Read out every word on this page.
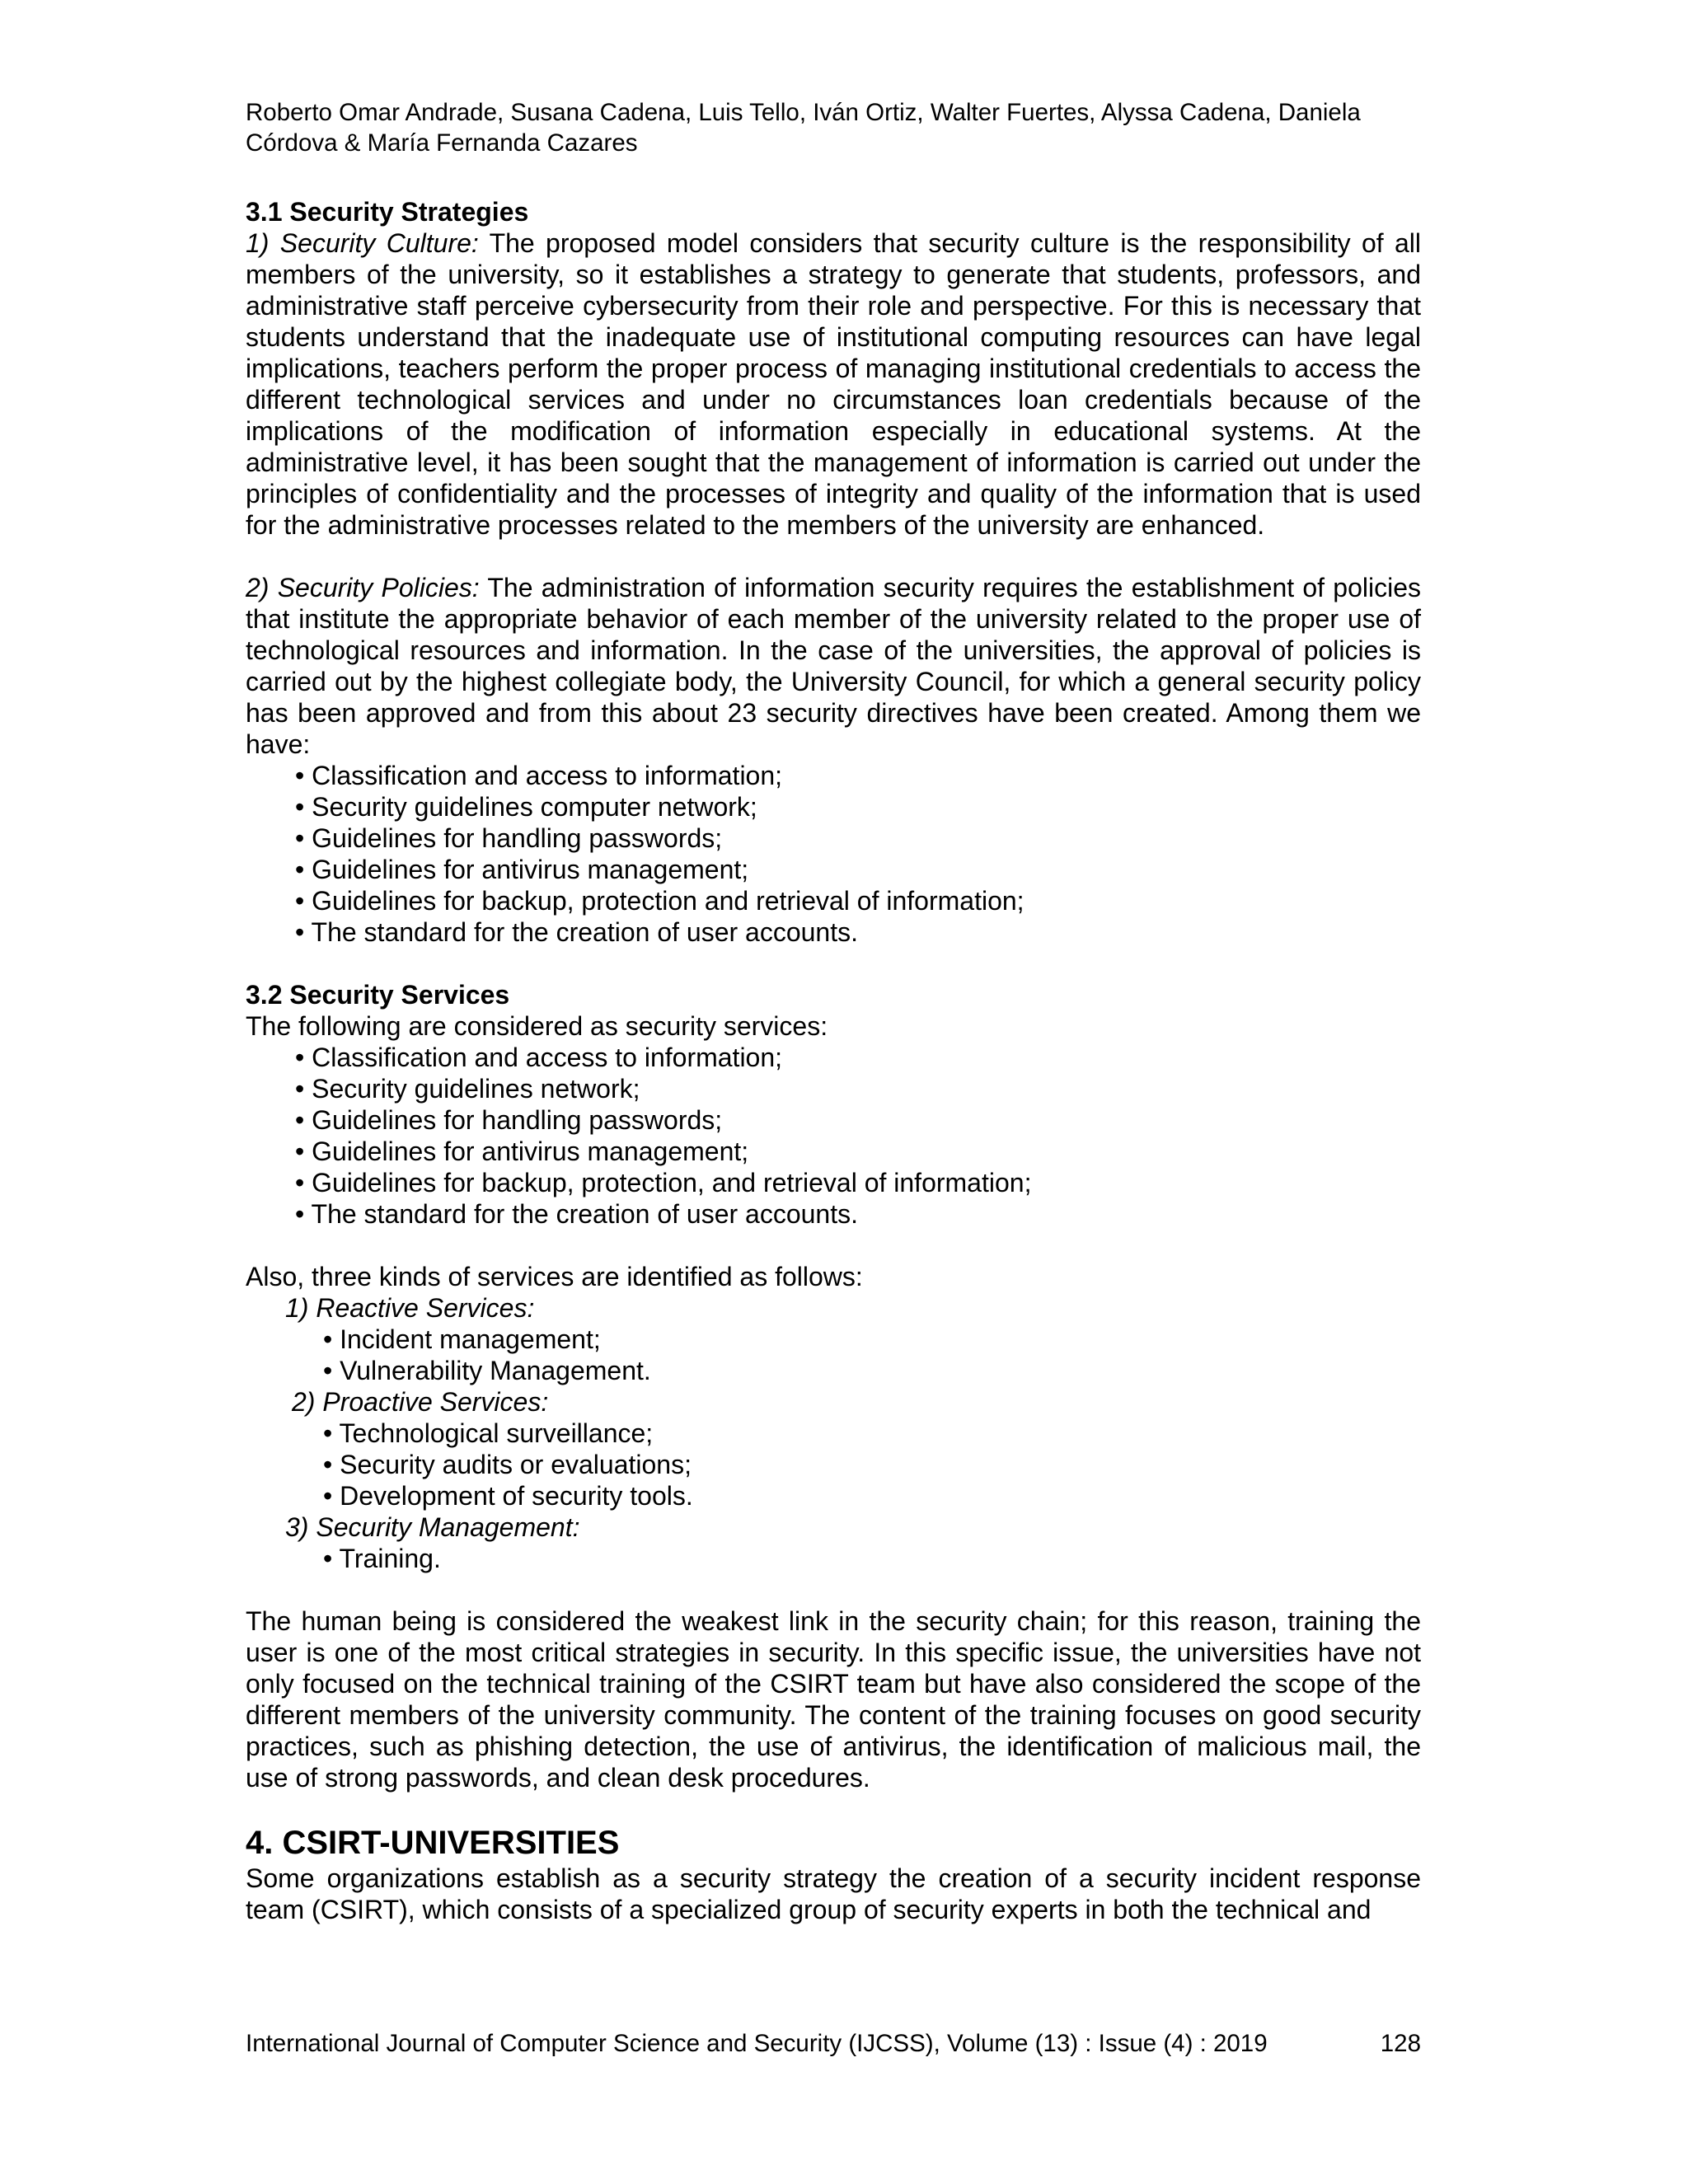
Roberto Omar Andrade, Susana Cadena, Luis Tello, Iván Ortiz, Walter Fuertes, Alyssa Cadena, Daniela
Córdova & María Fernanda Cazares
3.1 Security Strategies

1) Security Culture: The proposed model considers that security culture is the responsibility of all members of the university, so it establishes a strategy to generate that students, professors, and administrative staff perceive cybersecurity from their role and perspective. For this is necessary that students understand that the inadequate use of institutional computing resources can have legal implications, teachers perform the proper process of managing institutional credentials to access the different technological services and under no circumstances loan credentials because of the implications of the modification of information especially in educational systems. At the administrative level, it has been sought that the management of information is carried out under the principles of confidentiality and the processes of integrity and quality of the information that is used for the administrative processes related to the members of the university are enhanced.

2) Security Policies: The administration of information security requires the establishment of policies that institute the appropriate behavior of each member of the university related to the proper use of technological resources and information. In the case of the universities, the approval of policies is carried out by the highest collegiate body, the University Council, for which a general security policy has been approved and from this about 23 security directives have been created. Among them we have:

• Classification and access to information;
• Security guidelines computer network;
• Guidelines for handling passwords;
• Guidelines for antivirus management;
• Guidelines for backup, protection and retrieval of information;
• The standard for the creation of user accounts.
3.2 Security Services
The following are considered as security services:
• Classification and access to information;
• Security guidelines network;
• Guidelines for handling passwords;
• Guidelines for antivirus management;
• Guidelines for backup, protection, and retrieval of information;
• The standard for the creation of user accounts.
Also, three kinds of services are identified as follows:
1) Reactive Services:
• Incident management;
• Vulnerability Management.
2) Proactive Services:
• Technological surveillance;
• Security audits or evaluations;
• Development of security tools.
3) Security Management:
• Training.

The human being is considered the weakest link in the security chain; for this reason, training the user is one of the most critical strategies in security. In this specific issue, the universities have not only focused on the technical training of the CSIRT team but have also considered the scope of the different members of the university community. The content of the training focuses on good security practices, such as phishing detection, the use of antivirus, the identification of malicious mail, the use of strong passwords, and clean desk procedures.

4. CSIRT-UNIVERSITIES

Some organizations establish as a security strategy the creation of a security incident response team (CSIRT), which consists of a specialized group of security experts in both the technical and

International Journal of Computer Science and Security (IJCSS), Volume (13) : Issue (4) : 2019	128
